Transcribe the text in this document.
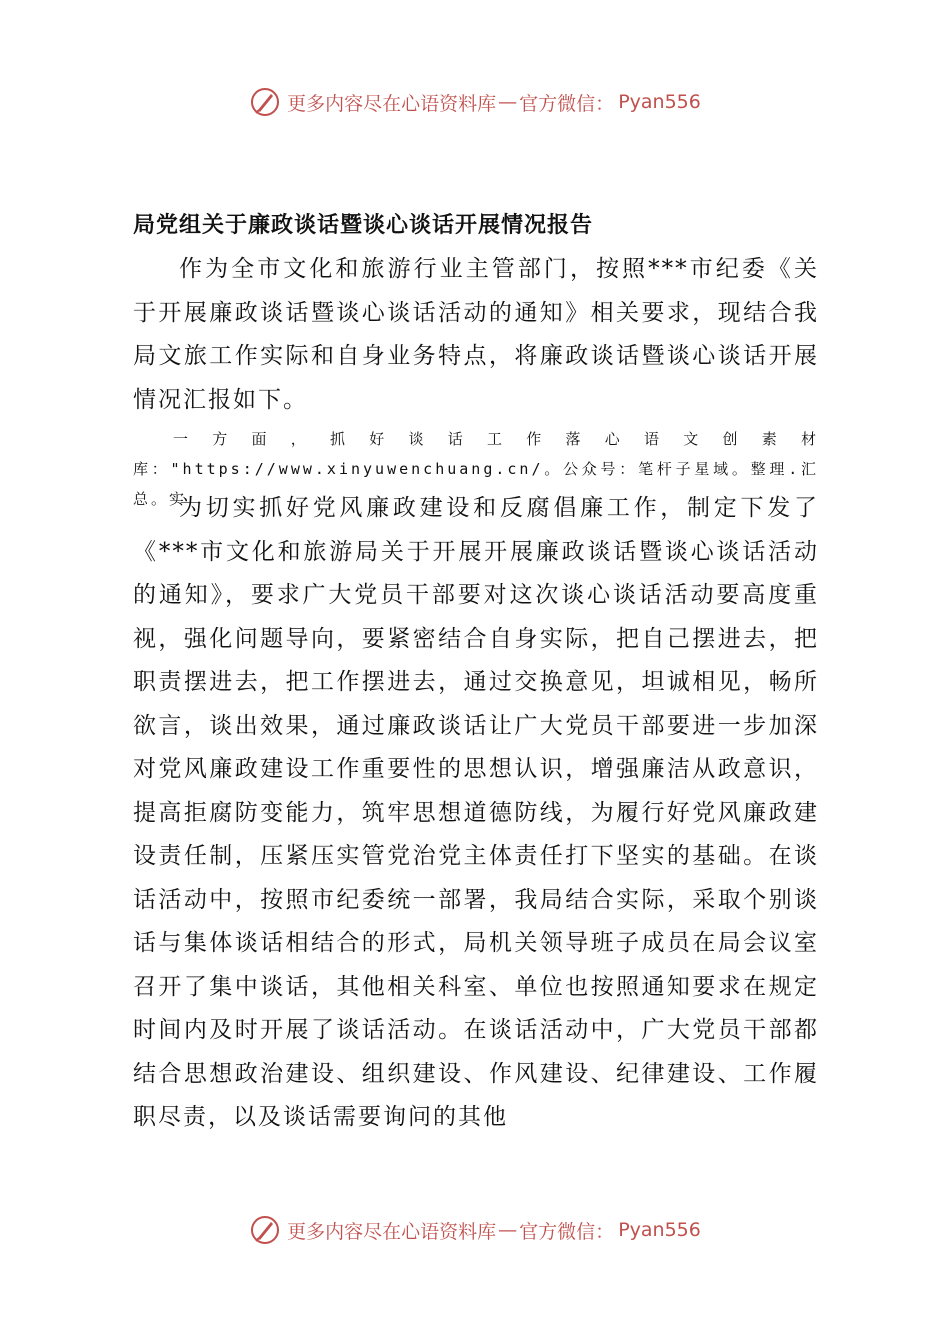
更多内容尽在心语资料库 — 官方微信： Pyan556
局党组关于廉政谈话暨谈心谈话开展情况报告

作为全市文化和旅游行业主管部门，按照***市纪委《关于开展廉政谈话暨谈心谈话活动的通知》相关要求，现结合我局文旅工作实际和自身业务特点，将廉政谈话暨谈心谈话开展情况汇报如下。

一方面，抓好谈话工作落心语文创素材库："https://www.xinyuwenchuang.cn/。公众号：笔杆子星域。整理.汇总。实

为切实抓好党风廉政建设和反腐倡廉工作，制定下发了《***市文化和旅游局关于开展开展廉政谈话暨谈心谈话活动的通知》，要求广大党员干部要对这次谈心谈话活动要高度重视，强化问题导向，要紧密结合自身实际，把自己摆进去，把职责摆进去，把工作摆进去，通过交换意见，坦诚相见，畅所欲言，谈出效果，通过廉政谈话让广大党员干部要进一步加深对党风廉政建设工作重要性的思想认识，增强廉洁从政意识，提高拒腐防变能力，筑牢思想道德防线，为履行好党风廉政建设责任制，压紧压实管党治党主体责任打下坚实的基础。在谈话活动中，按照市纪委统一部署，我局结合实际，采取个别谈话与集体谈话相结合的形式，局机关领导班子成员在局会议室召开了集中谈话，其他相关科室、单位也按照通知要求在规定时间内及时开展了谈话活动。在谈话活动中，广大党员干部都结合思想政治建设、组织建设、作风建设、纪律建设、工作履职尽责，以及谈话需要询问的其他

更多内容尽在心语资料库 — 官方微信： Pyan556
